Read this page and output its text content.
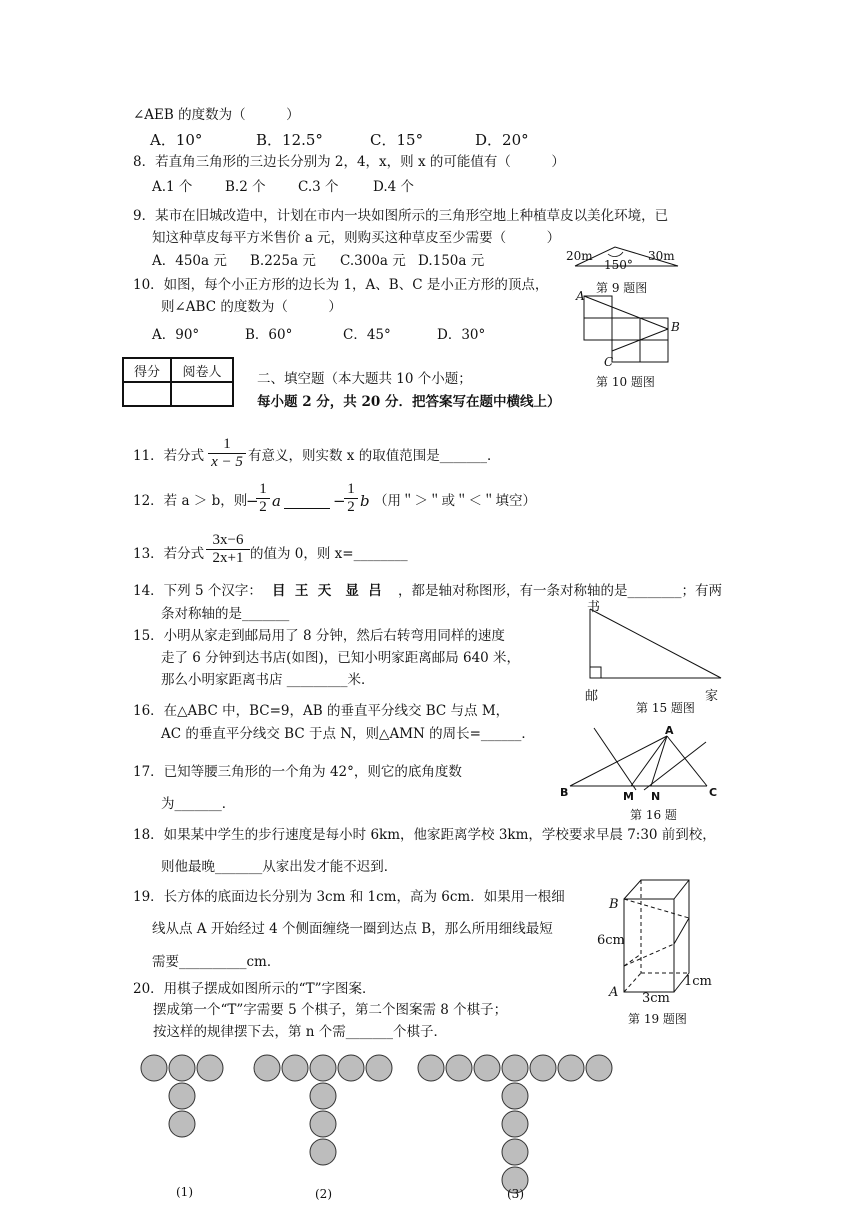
∠AEB 的度数为（　　　）
A．10°	B．12.5°	C．15°	D．20°
8．若直角三角形的三边长分别为 2，4，x，则 x 的可能值有（　　　）
A.1 个 B.2 个 C.3 个	D.4 个
9．某市在旧城改造中，计划在市内一块如图所示的三角形空地上种植草皮以美化环境，已
知这种草皮每平方米售价 a 元，则购买这种草皮至少需要（　　　）
A．450a 元 B.225a 元 C.300a 元 D.150a 元	20m
150°
30m
第 9 题图
10．如图，每个小正方形的边长为 1，A、B、C 是小正方形的顶点，
则∠ABC 的度数为（　　　）
A．90°	B．60°	C．45°	D．30°
A
B
C
第 10 题图
得分	阅卷人
		二、填空题（本大题共 10 个小题；
每小题 2 分，共 20 分．把答案写在题中横线上）
11．若分式 $\frac{1}{x - 5}$ 有意义，则实数 x 的取值范围是_______．
12．若 a ＞ b，则
−
$\frac{1}{2}$ a	−
$\frac{1}{2}$ b （用＂＞＂或＂＜＂填空）
13．若分式 $\frac{3x-6}{2x+1}$ 的值为 0，则 x=________
14．下列 5 个汉字： 目  王  天   显  吕 ，都是轴对称图形，有一条对称轴的是________；有两
条对称轴的是_______
15．小明从家走到邮局用了 8 分钟，然后右转弯用同样的速度
走了 6 分钟到达书店(如图)，已知小明家距离邮局 640 米，
那么小明家距离书店 _________米．
书
邮	家
第 15 题图
16．在△ABC 中，BC=9，AB 的垂直平分线交 BC 与点 M，
AC 的垂直平分线交 BC 于点 N，则△AMN 的周长=______．	A
B	M N	C
第 16 题
17．已知等腰三角形的一个角为 42°，则它的底角度数
为_______．
18．如果某中学生的步行速度是每小时 6km，他家距离学校 3km，学校要求早晨 7:30 前到校，
则他最晚_______从家出发才能不迟到．
19．长方体的底面边长分别为 3cm 和 1cm，高为 6cm．如果用一根细
线从点 A 开始经过 4 个侧面缠绕一圈到达点 B，那么所用细线最短
需要__________cm．
B
6cm
A
1cm
3cm
第 19 题图
20．用棋子摆成如图所示的“T”字图案．
摆成第一个“T”字需要 5 个棋子，第二个图案需 8 个棋子；
按这样的规律摆下去，第 n 个需_______个棋子．
(1)	(2)	(3)
